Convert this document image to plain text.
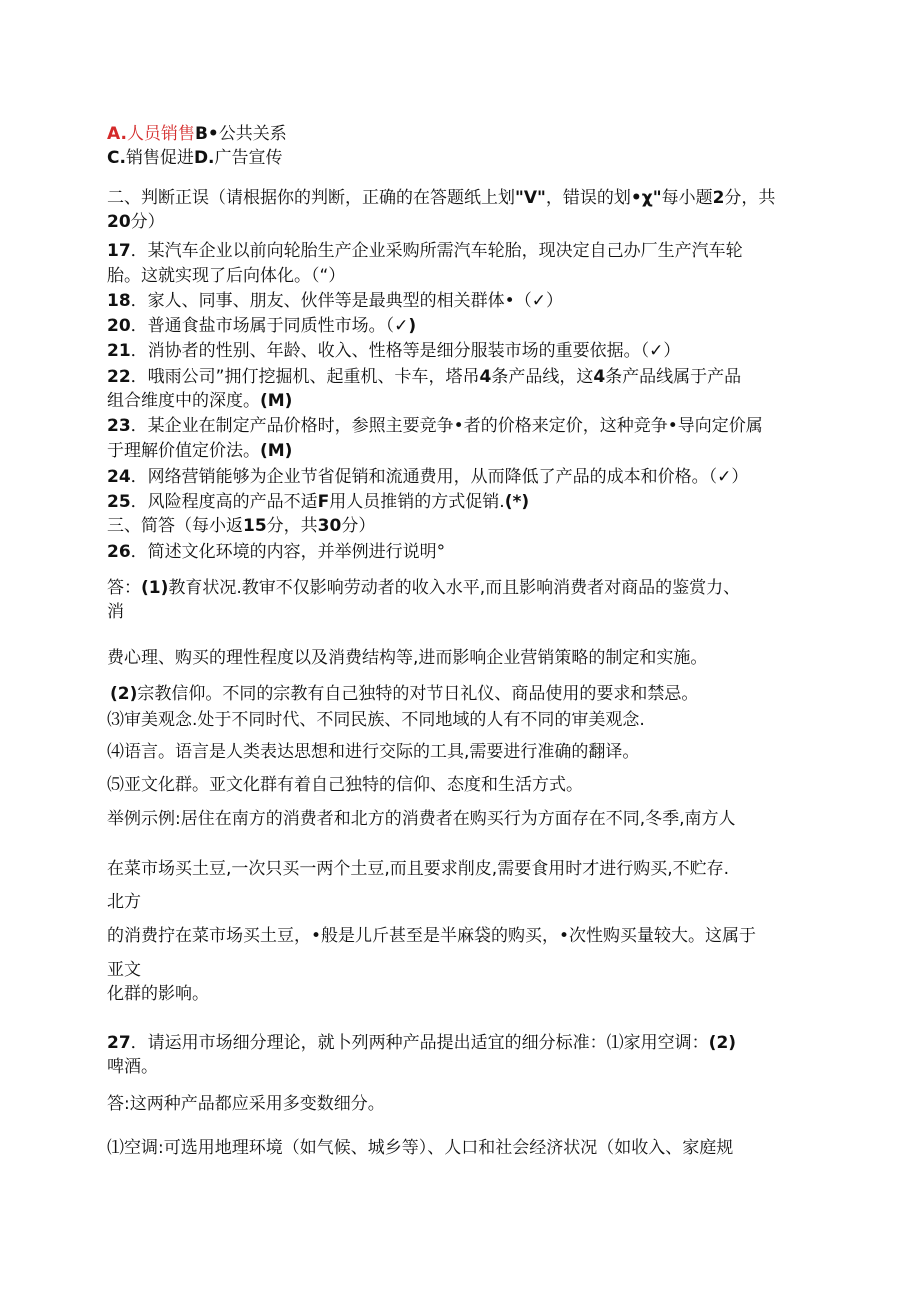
A.人员销售B•公共关系
C.销售促进D.广告宣传
二、判断正误（请根据你的判断，正确的在答题纸上划"V"，错误的划•χ"每小题2分，共
20分）
17．某汽车企业以前向轮胎生产企业采购所需汽车轮胎，现决定自己办厂生产汽车轮
胎。这就实现了后向体化。（“）
18．家人、同事、朋友、伙伴等是最典型的相关群体•（✓）
20．普通食盐市场属于同质性市场。（✓)
21．消协者的性别、年龄、收入、性格等是细分服装市场的重要依据。（✓）
22．哦雨公司”拥仃挖掘机、起重机、卡车，塔吊4条产品线，这4条产品线属于产品
组合维度中的深度。(M)
23．某企业在制定产品价格时，参照主要竞争•者的价格来定价，这种竞争•导向定价属
于理解价值定价法。(M)
24．网络营销能够为企业节省促销和流通费用，从而降低了产品的成本和价格。（✓）
25．风险程度高的产品不适F用人员推销的方式促销.(*)
三、简答（每小返15分，共30分）
26．简述文化环境的内容，并举例进行说明°
答：(1)教育状况.教审不仅影响劳动者的收入水平,而且影响消费者对商品的鉴赏力、
消
费心理、购买的理性程度以及消费结构等,进而影响企业营销策略的制定和实施。
(2)宗教信仰。不同的宗教有自己独特的对节日礼仪、商品使用的要求和禁忌。
⑶审美观念.处于不同时代、不同民族、不同地域的人有不同的审美观念.
⑷语言。语言是人类表达思想和进行交际的工具,需要进行准确的翻译。
⑸亚文化群。亚文化群有着自己独特的信仰、态度和生活方式。
举例示例:居住在南方的消费者和北方的消费者在购买行为方面存在不同,冬季,南方人
在菜市场买土豆,一次只买一两个土豆,而且要求削皮,需要食用时才进行购买,不贮存.
北方
的消费拧在菜市场买土豆，•般是儿斤甚至是半麻袋的购买，•次性购买量较大。这属于
亚文
化群的影响。
27．请运用市场细分理论，就卜列两种产品提出适宜的细分标准：⑴家用空调：(2)
啤酒。
答:这两种产品都应采用多变数细分。
⑴空调:可选用地理环境（如气候、城乡等）、人口和社会经济状况（如收入、家庭规
